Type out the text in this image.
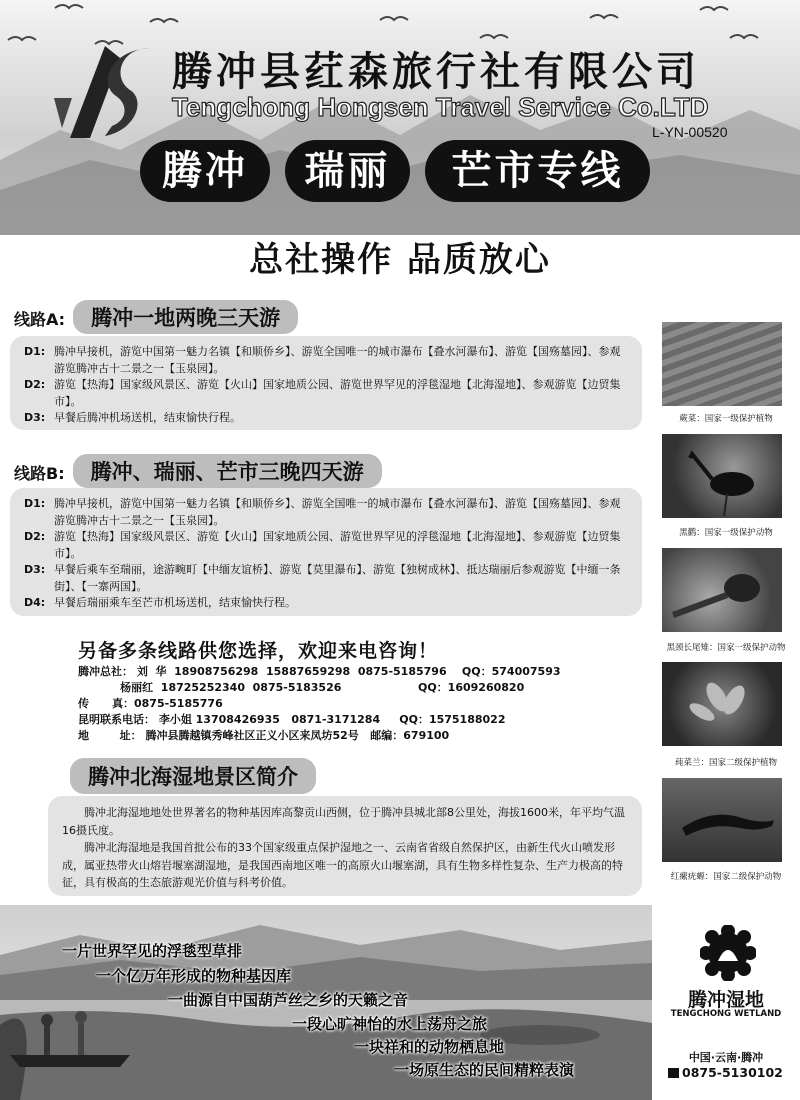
腾冲县荭森旅行社有限公司
Tengchong Hongsen Travel Service Co.LTD
L-YN-00520
腾冲	瑞丽	芒市专线
总社操作 品质放心
线路A: 腾冲一地两晚三天游
D1: 腾冲早接机，游览中国第一魅力名镇【和顺侨乡】、游览全国唯一的城市瀑布【叠水河瀑布】、游览【国殇墓园】、参观游览腾冲古十二景之一【玉泉园】。
D2: 游览【热海】国家级风景区、游览【火山】国家地质公园、游览世界罕见的浮毯湿地【北海湿地】、参观游览【边贸集市】。
D3: 早餐后腾冲机场送机，结束愉快行程。
线路B: 腾冲、瑞丽、芒市三晚四天游
D1: 腾冲早接机，游览中国第一魅力名镇【和顺侨乡】、游览全国唯一的城市瀑布【叠水河瀑布】、游览【国殇墓园】、参观游览腾冲古十二景之一【玉泉园】。
D2: 游览【热海】国家级风景区、游览【火山】国家地质公园、游览世界罕见的浮毯湿地【北海湿地】、参观游览【边贸集市】。
D3: 早餐后乘车至瑞丽，途游畹町【中缅友谊桥】、游览【莫里瀑布】、游览【独树成林】、抵达瑞丽后参观游览【中缅一条街】、【一寨两国】。
D4: 早餐后瑞丽乘车至芒市机场送机，结束愉快行程。
蕨菜：国家一级保护植物
黑鹳：国家一级保护动物
黑颈长尾雉：国家一级保护动物
莼菜兰：国家二级保护植物
红瘰疣螈：国家二级保护动物
另备多条线路供您选择，欢迎来电咨询！
腾冲总社： 刘  华  18908756298  15887659298  0875-5185796    QQ：574007593
杨丽红  18725252340  0875-5183526                    QQ：1609260820
传      真：0875-5185776
昆明联系电话： 李小姐 13708426935   0871-3171284     QQ：1575188022
地        址： 腾冲县腾越镇秀峰社区正义小区来凤坊52号   邮编：679100
腾冲北海湿地景区简介

腾冲北海湿地地处世界著名的物种基因库高黎贡山西侧，位于腾冲县城北部8公里处，海拔1600米，年平均气温16摄氏度。

腾冲北海湿地是我国首批公布的33个国家级重点保护湿地之一、云南省省级自然保护区，由新生代火山喷发形成，属亚热带火山熔岩堰塞湖湿地，是我国西南地区唯一的高原火山堰塞湖，具有生物多样性复杂、生产力极高的特征，具有极高的生态旅游观光价值与科考价值。

一片世界罕见的浮毯型草排
一个亿万年形成的物种基因库
一曲源自中国葫芦丝之乡的天籁之音
一段心旷神怡的水上荡舟之旅
一块祥和的动物栖息地
一场原生态的民间精粹表演
腾冲湿地
TENGCHONG WETLAND
中国·云南·腾冲
0875-5130102
